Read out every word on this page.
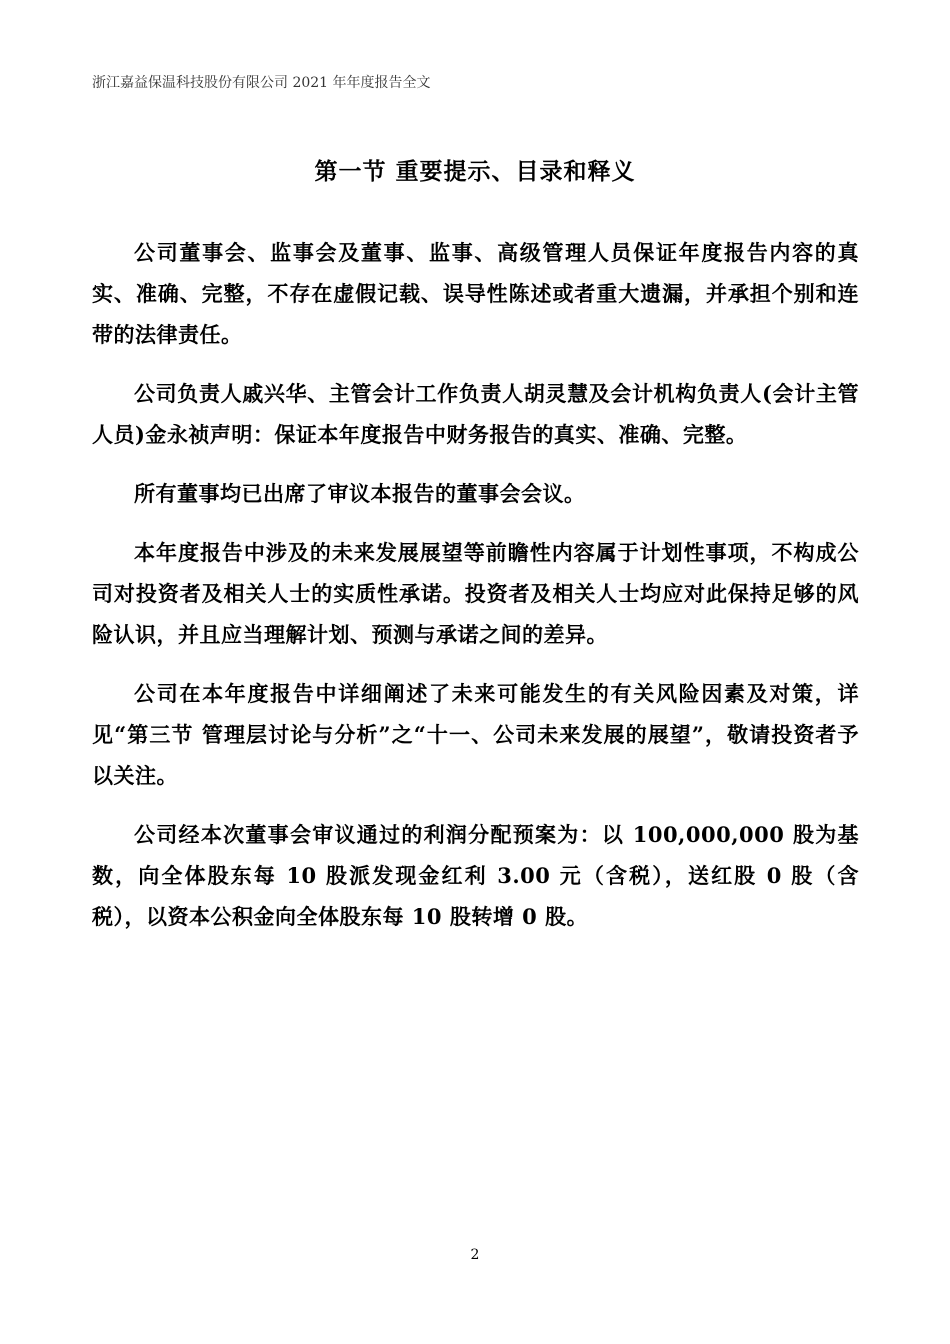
浙江嘉益保温科技股份有限公司 2021 年年度报告全文
第一节 重要提示、目录和释义

公司董事会、监事会及董事、监事、高级管理人员保证年度报告内容的真实、准确、完整，不存在虚假记载、误导性陈述或者重大遗漏，并承担个别和连带的法律责任。

公司负责人戚兴华、主管会计工作负责人胡灵慧及会计机构负责人(会计主管人员)金永祯声明：保证本年度报告中财务报告的真实、准确、完整。

所有董事均已出席了审议本报告的董事会会议。

本年度报告中涉及的未来发展展望等前瞻性内容属于计划性事项，不构成公司对投资者及相关人士的实质性承诺。投资者及相关人士均应对此保持足够的风险认识，并且应当理解计划、预测与承诺之间的差异。

公司在本年度报告中详细阐述了未来可能发生的有关风险因素及对策，详见“第三节 管理层讨论与分析”之“十一、公司未来发展的展望”，敬请投资者予以关注。

公司经本次董事会审议通过的利润分配预案为：以 100,000,000 股为基数，向全体股东每 10 股派发现金红利 3.00 元（含税），送红股 0 股（含税），以资本公积金向全体股东每 10 股转增 0 股。

2
